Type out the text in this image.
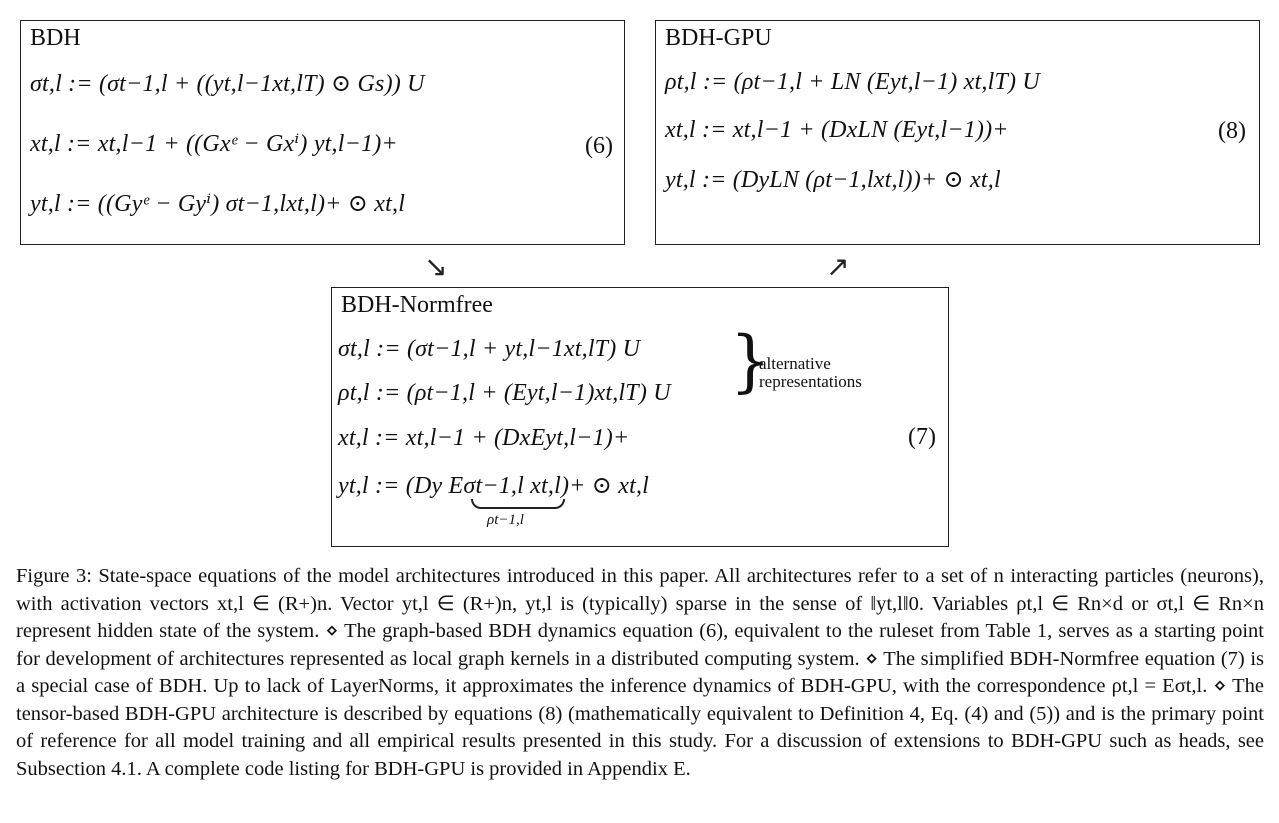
BDH
σt,l := (σt−1,l + ((yt,l−1xt,lT) ⊙ Gs)) U
xt,l := xt,l−1 + ((Gxᵉ − Gxⁱ) yt,l−1)+
yt,l := ((Gyᵉ − Gyⁱ) σt−1,lxt,l)+ ⊙ xt,l
(6)
BDH-GPU
ρt,l := (ρt−1,l + LN (Eyt,l−1) xt,lT) U
xt,l := xt,l−1 + (DxLN (Eyt,l−1))+
yt,l := (DyLN (ρt−1,lxt,l))+ ⊙ xt,l
(8)
↘	↗
BDH-Normfree
σt,l := (σt−1,l + yt,l−1xt,lT) U
ρt,l := (ρt−1,l + (Eyt,l−1)xt,lT) U
xt,l := xt,l−1 + (DxEyt,l−1)+
yt,l := (Dy Eσt−1,l xt,l)+ ⊙ xt,l
ρt−1,l
}
alternative
representations
(7)
Figure 3: State-space equations of the model architectures introduced in this paper. All architectures refer to a set of n interacting particles (neurons), with activation vectors xt,l ∈ (R+)n. Vector yt,l ∈ (R+)n, yt,l is (typically) sparse in the sense of ‖yt,l‖0. Variables ρt,l ∈ Rn×d or σt,l ∈ Rn×n represent hidden state of the system. ⋄ The graph-based BDH dynamics equation (6), equivalent to the ruleset from Table 1, serves as a starting point for development of architectures represented as local graph kernels in a distributed computing system. ⋄ The simplified BDH-Normfree equation (7) is a special case of BDH. Up to lack of LayerNorms, it approximates the inference dynamics of BDH-GPU, with the correspondence ρt,l = Eσt,l. ⋄ The tensor-based BDH-GPU architecture is described by equations (8) (mathematically equivalent to Definition 4, Eq. (4) and (5)) and is the primary point of reference for all model training and all empirical results presented in this study. For a discussion of extensions to BDH-GPU such as heads, see Subsection 4.1. A complete code listing for BDH-GPU is provided in Appendix E.
